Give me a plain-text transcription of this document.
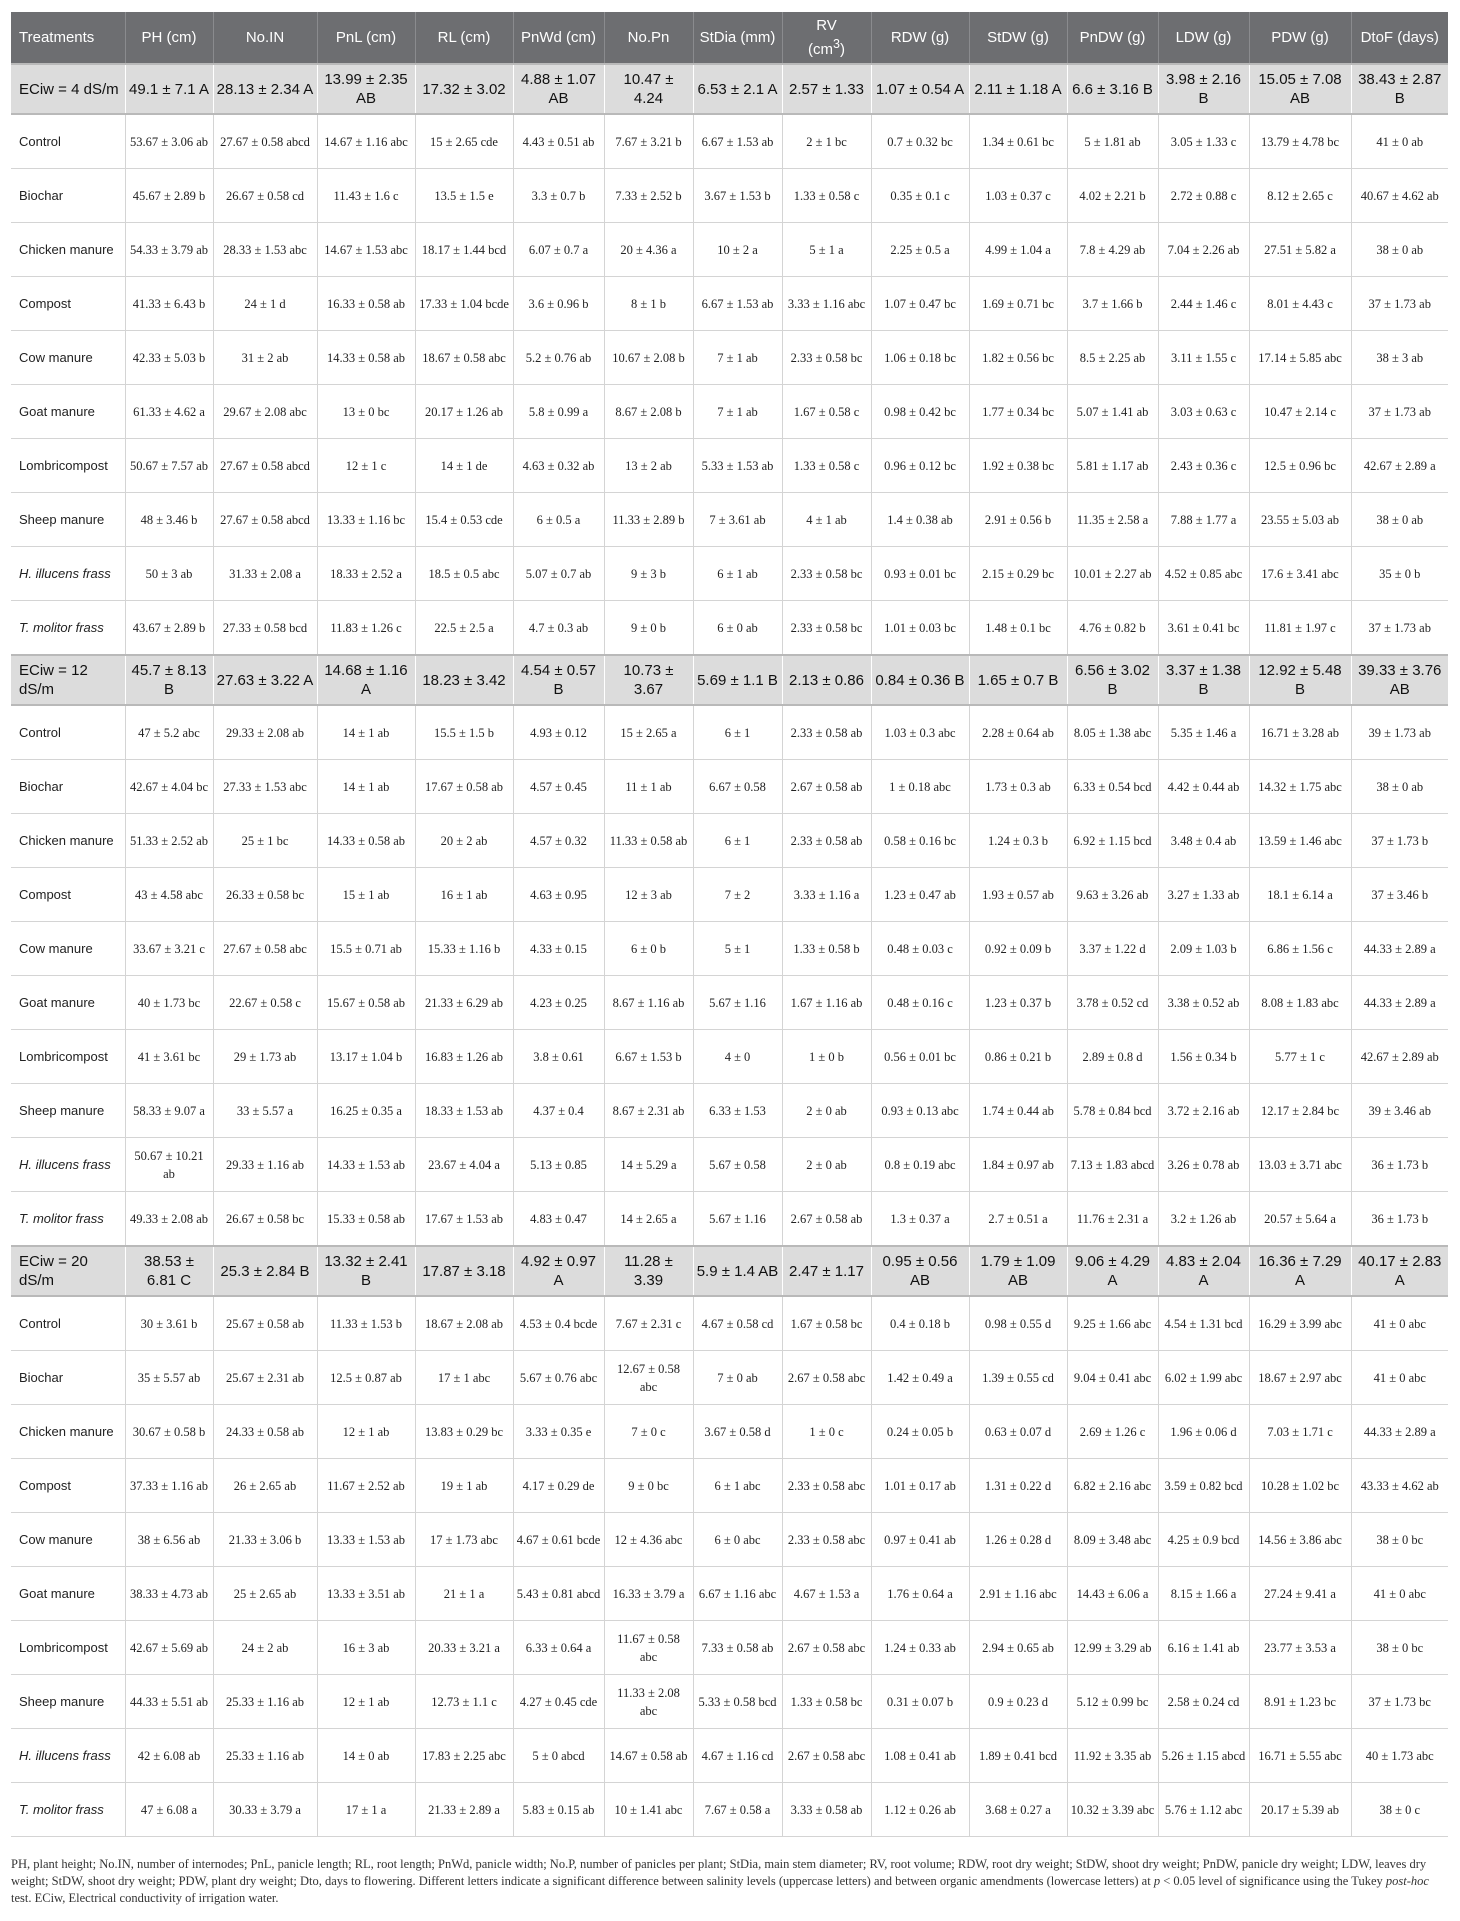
Treatments	PH (cm)	No.IN	PnL (cm)	RL (cm)	PnWd (cm)	No.Pn	StDia (mm)	RV
$(cm^3)$	RDW (g)	StDW (g)	PnDW (g)	LDW (g)	PDW (g)	DtoF (days)
ECiw = 4 dS/m	49.1 ± 7.1 A	28.13 ± 2.34 A	13.99 ± 2.35 AB	17.32 ± 3.02	4.88 ± 1.07 AB	10.47 ± 4.24	6.53 ± 2.1 A	2.57 ± 1.33	1.07 ± 0.54 A	2.11 ± 1.18 A	6.6 ± 3.16 B	3.98 ± 2.16 B	15.05 ± 7.08 AB	38.43 ± 2.87 B
Control	53.67 ± 3.06 ab	27.67 ± 0.58 abcd	14.67 ± 1.16 abc	15 ± 2.65 cde	4.43 ± 0.51 ab	7.67 ± 3.21 b	6.67 ± 1.53 ab	2 ± 1 bc	0.7 ± 0.32 bc	1.34 ± 0.61 bc	5 ± 1.81 ab	3.05 ± 1.33 c	13.79 ± 4.78 bc	41 ± 0 ab
Biochar	45.67 ± 2.89 b	26.67 ± 0.58 cd	11.43 ± 1.6 c	13.5 ± 1.5 e	3.3 ± 0.7 b	7.33 ± 2.52 b	3.67 ± 1.53 b	1.33 ± 0.58 c	0.35 ± 0.1 c	1.03 ± 0.37 c	4.02 ± 2.21 b	2.72 ± 0.88 c	8.12 ± 2.65 c	40.67 ± 4.62 ab
Chicken manure	54.33 ± 3.79 ab	28.33 ± 1.53 abc	14.67 ± 1.53 abc	18.17 ± 1.44 bcd	6.07 ± 0.7 a	20 ± 4.36 a	10 ± 2 a	5 ± 1 a	2.25 ± 0.5 a	4.99 ± 1.04 a	7.8 ± 4.29 ab	7.04 ± 2.26 ab	27.51 ± 5.82 a	38 ± 0 ab
Compost	41.33 ± 6.43 b	24 ± 1 d	16.33 ± 0.58 ab	17.33 ± 1.04 bcde	3.6 ± 0.96 b	8 ± 1 b	6.67 ± 1.53 ab	3.33 ± 1.16 abc	1.07 ± 0.47 bc	1.69 ± 0.71 bc	3.7 ± 1.66 b	2.44 ± 1.46 c	8.01 ± 4.43 c	37 ± 1.73 ab
Cow manure	42.33 ± 5.03 b	31 ± 2 ab	14.33 ± 0.58 ab	18.67 ± 0.58 abc	5.2 ± 0.76 ab	10.67 ± 2.08 b	7 ± 1 ab	2.33 ± 0.58 bc	1.06 ± 0.18 bc	1.82 ± 0.56 bc	8.5 ± 2.25 ab	3.11 ± 1.55 c	17.14 ± 5.85 abc	38 ± 3 ab
Goat manure	61.33 ± 4.62 a	29.67 ± 2.08 abc	13 ± 0 bc	20.17 ± 1.26 ab	5.8 ± 0.99 a	8.67 ± 2.08 b	7 ± 1 ab	1.67 ± 0.58 c	0.98 ± 0.42 bc	1.77 ± 0.34 bc	5.07 ± 1.41 ab	3.03 ± 0.63 c	10.47 ± 2.14 c	37 ± 1.73 ab
Lombricompost	50.67 ± 7.57 ab	27.67 ± 0.58 abcd	12 ± 1 c	14 ± 1 de	4.63 ± 0.32 ab	13 ± 2 ab	5.33 ± 1.53 ab	1.33 ± 0.58 c	0.96 ± 0.12 bc	1.92 ± 0.38 bc	5.81 ± 1.17 ab	2.43 ± 0.36 c	12.5 ± 0.96 bc	42.67 ± 2.89 a
Sheep manure	48 ± 3.46 b	27.67 ± 0.58 abcd	13.33 ± 1.16 bc	15.4 ± 0.53 cde	6 ± 0.5 a	11.33 ± 2.89 b	7 ± 3.61 ab	4 ± 1 ab	1.4 ± 0.38 ab	2.91 ± 0.56 b	11.35 ± 2.58 a	7.88 ± 1.77 a	23.55 ± 5.03 ab	38 ± 0 ab
H. illucens frass	50 ± 3 ab	31.33 ± 2.08 a	18.33 ± 2.52 a	18.5 ± 0.5 abc	5.07 ± 0.7 ab	9 ± 3 b	6 ± 1 ab	2.33 ± 0.58 bc	0.93 ± 0.01 bc	2.15 ± 0.29 bc	10.01 ± 2.27 ab	4.52 ± 0.85 abc	17.6 ± 3.41 abc	35 ± 0 b
T. molitor frass	43.67 ± 2.89 b	27.33 ± 0.58 bcd	11.83 ± 1.26 c	22.5 ± 2.5 a	4.7 ± 0.3 ab	9 ± 0 b	6 ± 0 ab	2.33 ± 0.58 bc	1.01 ± 0.03 bc	1.48 ± 0.1 bc	4.76 ± 0.82 b	3.61 ± 0.41 bc	11.81 ± 1.97 c	37 ± 1.73 ab
ECiw = 12 dS/m	45.7 ± 8.13 B	27.63 ± 3.22 A	14.68 ± 1.16 A	18.23 ± 3.42	4.54 ± 0.57 B	10.73 ± 3.67	5.69 ± 1.1 B	2.13 ± 0.86	0.84 ± 0.36 B	1.65 ± 0.7 B	6.56 ± 3.02 B	3.37 ± 1.38 B	12.92 ± 5.48 B	39.33 ± 3.76 AB
Control	47 ± 5.2 abc	29.33 ± 2.08 ab	14 ± 1 ab	15.5 ± 1.5 b	4.93 ± 0.12	15 ± 2.65 a	6 ± 1	2.33 ± 0.58 ab	1.03 ± 0.3 abc	2.28 ± 0.64 ab	8.05 ± 1.38 abc	5.35 ± 1.46 a	16.71 ± 3.28 ab	39 ± 1.73 ab
Biochar	42.67 ± 4.04 bc	27.33 ± 1.53 abc	14 ± 1 ab	17.67 ± 0.58 ab	4.57 ± 0.45	11 ± 1 ab	6.67 ± 0.58	2.67 ± 0.58 ab	1 ± 0.18 abc	1.73 ± 0.3 ab	6.33 ± 0.54 bcd	4.42 ± 0.44 ab	14.32 ± 1.75 abc	38 ± 0 ab
Chicken manure	51.33 ± 2.52 ab	25 ± 1 bc	14.33 ± 0.58 ab	20 ± 2 ab	4.57 ± 0.32	11.33 ± 0.58 ab	6 ± 1	2.33 ± 0.58 ab	0.58 ± 0.16 bc	1.24 ± 0.3 b	6.92 ± 1.15 bcd	3.48 ± 0.4 ab	13.59 ± 1.46 abc	37 ± 1.73 b
Compost	43 ± 4.58 abc	26.33 ± 0.58 bc	15 ± 1 ab	16 ± 1 ab	4.63 ± 0.95	12 ± 3 ab	7 ± 2	3.33 ± 1.16 a	1.23 ± 0.47 ab	1.93 ± 0.57 ab	9.63 ± 3.26 ab	3.27 ± 1.33 ab	18.1 ± 6.14 a	37 ± 3.46 b
Cow manure	33.67 ± 3.21 c	27.67 ± 0.58 abc	15.5 ± 0.71 ab	15.33 ± 1.16 b	4.33 ± 0.15	6 ± 0 b	5 ± 1	1.33 ± 0.58 b	0.48 ± 0.03 c	0.92 ± 0.09 b	3.37 ± 1.22 d	2.09 ± 1.03 b	6.86 ± 1.56 c	44.33 ± 2.89 a
Goat manure	40 ± 1.73 bc	22.67 ± 0.58 c	15.67 ± 0.58 ab	21.33 ± 6.29 ab	4.23 ± 0.25	8.67 ± 1.16 ab	5.67 ± 1.16	1.67 ± 1.16 ab	0.48 ± 0.16 c	1.23 ± 0.37 b	3.78 ± 0.52 cd	3.38 ± 0.52 ab	8.08 ± 1.83 abc	44.33 ± 2.89 a
Lombricompost	41 ± 3.61 bc	29 ± 1.73 ab	13.17 ± 1.04 b	16.83 ± 1.26 ab	3.8 ± 0.61	6.67 ± 1.53 b	4 ± 0	1 ± 0 b	0.56 ± 0.01 bc	0.86 ± 0.21 b	2.89 ± 0.8 d	1.56 ± 0.34 b	5.77 ± 1 c	42.67 ± 2.89 ab
Sheep manure	58.33 ± 9.07 a	33 ± 5.57 a	16.25 ± 0.35 a	18.33 ± 1.53 ab	4.37 ± 0.4	8.67 ± 2.31 ab	6.33 ± 1.53	2 ± 0 ab	0.93 ± 0.13 abc	1.74 ± 0.44 ab	5.78 ± 0.84 bcd	3.72 ± 2.16 ab	12.17 ± 2.84 bc	39 ± 3.46 ab
H. illucens frass	50.67 ± 10.21 ab	29.33 ± 1.16 ab	14.33 ± 1.53 ab	23.67 ± 4.04 a	5.13 ± 0.85	14 ± 5.29 a	5.67 ± 0.58	2 ± 0 ab	0.8 ± 0.19 abc	1.84 ± 0.97 ab	7.13 ± 1.83 abcd	3.26 ± 0.78 ab	13.03 ± 3.71 abc	36 ± 1.73 b
T. molitor frass	49.33 ± 2.08 ab	26.67 ± 0.58 bc	15.33 ± 0.58 ab	17.67 ± 1.53 ab	4.83 ± 0.47	14 ± 2.65 a	5.67 ± 1.16	2.67 ± 0.58 ab	1.3 ± 0.37 a	2.7 ± 0.51 a	11.76 ± 2.31 a	3.2 ± 1.26 ab	20.57 ± 5.64 a	36 ± 1.73 b
ECiw = 20 dS/m	38.53 ± 6.81 C	25.3 ± 2.84 B	13.32 ± 2.41 B	17.87 ± 3.18	4.92 ± 0.97 A	11.28 ± 3.39	5.9 ± 1.4 AB	2.47 ± 1.17	0.95 ± 0.56 AB	1.79 ± 1.09 AB	9.06 ± 4.29 A	4.83 ± 2.04 A	16.36 ± 7.29 A	40.17 ± 2.83 A
Control	30 ± 3.61 b	25.67 ± 0.58 ab	11.33 ± 1.53 b	18.67 ± 2.08 ab	4.53 ± 0.4 bcde	7.67 ± 2.31 c	4.67 ± 0.58 cd	1.67 ± 0.58 bc	0.4 ± 0.18 b	0.98 ± 0.55 d	9.25 ± 1.66 abc	4.54 ± 1.31 bcd	16.29 ± 3.99 abc	41 ± 0 abc
Biochar	35 ± 5.57 ab	25.67 ± 2.31 ab	12.5 ± 0.87 ab	17 ± 1 abc	5.67 ± 0.76 abc	12.67 ± 0.58 abc	7 ± 0 ab	2.67 ± 0.58 abc	1.42 ± 0.49 a	1.39 ± 0.55 cd	9.04 ± 0.41 abc	6.02 ± 1.99 abc	18.67 ± 2.97 abc	41 ± 0 abc
Chicken manure	30.67 ± 0.58 b	24.33 ± 0.58 ab	12 ± 1 ab	13.83 ± 0.29 bc	3.33 ± 0.35 e	7 ± 0 c	3.67 ± 0.58 d	1 ± 0 c	0.24 ± 0.05 b	0.63 ± 0.07 d	2.69 ± 1.26 c	1.96 ± 0.06 d	7.03 ± 1.71 c	44.33 ± 2.89 a
Compost	37.33 ± 1.16 ab	26 ± 2.65 ab	11.67 ± 2.52 ab	19 ± 1 ab	4.17 ± 0.29 de	9 ± 0 bc	6 ± 1 abc	2.33 ± 0.58 abc	1.01 ± 0.17 ab	1.31 ± 0.22 d	6.82 ± 2.16 abc	3.59 ± 0.82 bcd	10.28 ± 1.02 bc	43.33 ± 4.62 ab
Cow manure	38 ± 6.56 ab	21.33 ± 3.06 b	13.33 ± 1.53 ab	17 ± 1.73 abc	4.67 ± 0.61 bcde	12 ± 4.36 abc	6 ± 0 abc	2.33 ± 0.58 abc	0.97 ± 0.41 ab	1.26 ± 0.28 d	8.09 ± 3.48 abc	4.25 ± 0.9 bcd	14.56 ± 3.86 abc	38 ± 0 bc
Goat manure	38.33 ± 4.73 ab	25 ± 2.65 ab	13.33 ± 3.51 ab	21 ± 1 a	5.43 ± 0.81 abcd	16.33 ± 3.79 a	6.67 ± 1.16 abc	4.67 ± 1.53 a	1.76 ± 0.64 a	2.91 ± 1.16 abc	14.43 ± 6.06 a	8.15 ± 1.66 a	27.24 ± 9.41 a	41 ± 0 abc
Lombricompost	42.67 ± 5.69 ab	24 ± 2 ab	16 ± 3 ab	20.33 ± 3.21 a	6.33 ± 0.64 a	11.67 ± 0.58 abc	7.33 ± 0.58 ab	2.67 ± 0.58 abc	1.24 ± 0.33 ab	2.94 ± 0.65 ab	12.99 ± 3.29 ab	6.16 ± 1.41 ab	23.77 ± 3.53 a	38 ± 0 bc
Sheep manure	44.33 ± 5.51 ab	25.33 ± 1.16 ab	12 ± 1 ab	12.73 ± 1.1 c	4.27 ± 0.45 cde	11.33 ± 2.08 abc	5.33 ± 0.58 bcd	1.33 ± 0.58 bc	0.31 ± 0.07 b	0.9 ± 0.23 d	5.12 ± 0.99 bc	2.58 ± 0.24 cd	8.91 ± 1.23 bc	37 ± 1.73 bc
H. illucens frass	42 ± 6.08 ab	25.33 ± 1.16 ab	14 ± 0 ab	17.83 ± 2.25 abc	5 ± 0 abcd	14.67 ± 0.58 ab	4.67 ± 1.16 cd	2.67 ± 0.58 abc	1.08 ± 0.41 ab	1.89 ± 0.41 bcd	11.92 ± 3.35 ab	5.26 ± 1.15 abcd	16.71 ± 5.55 abc	40 ± 1.73 abc
T. molitor frass	47 ± 6.08 a	30.33 ± 3.79 a	17 ± 1 a	21.33 ± 2.89 a	5.83 ± 0.15 ab	10 ± 1.41 abc	7.67 ± 0.58 a	3.33 ± 0.58 ab	1.12 ± 0.26 ab	3.68 ± 0.27 a	10.32 ± 3.39 abc	5.76 ± 1.12 abc	20.17 ± 5.39 ab	38 ± 0 c
PH, plant height; No.IN, number of internodes; PnL, panicle length; RL, root length; PnWd, panicle width; No.P, number of panicles per plant; StDia, main stem diameter; RV, root volume; RDW, root dry weight; StDW, shoot dry weight; PnDW, panicle dry weight; LDW, leaves dry weight; StDW, shoot dry weight; PDW, plant dry weight; Dto, days to flowering. Different letters indicate a significant difference between salinity levels (uppercase letters) and between organic amendments (lowercase letters) at p < 0.05 level of significance using the Tukey post-hoc test. ECiw, Electrical conductivity of irrigation water.
